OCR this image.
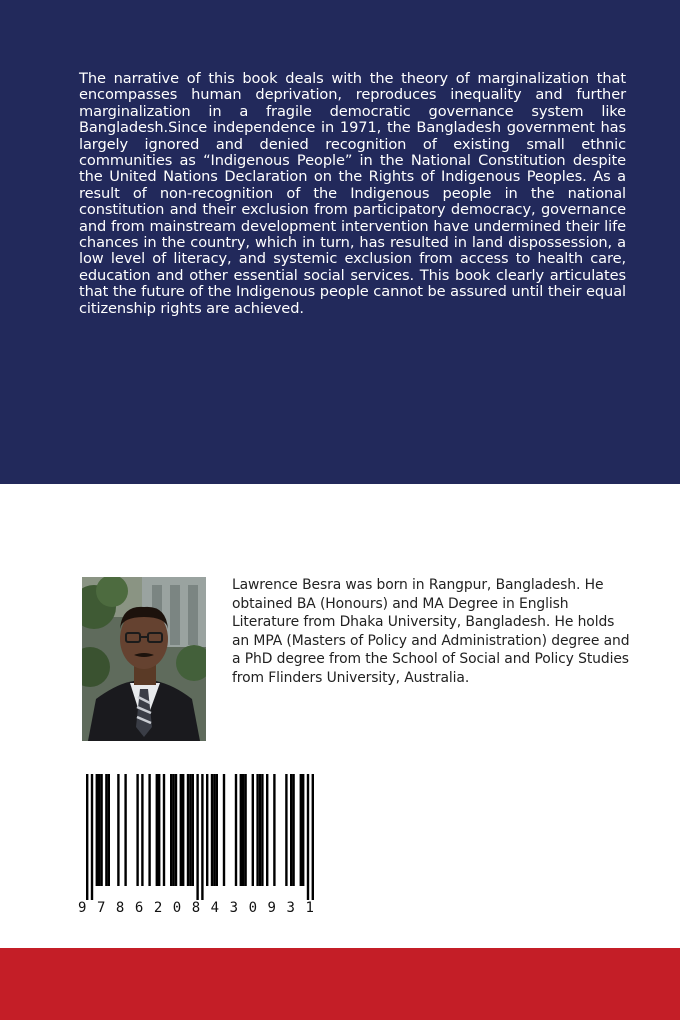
The narrative of this book deals with the theory of marginalization that encompasses human deprivation, reproduces inequality and further marginalization in a fragile democratic governance system like Bangladesh.Since independence in 1971, the Bangladesh government has largely ignored and denied recognition of existing small ethnic communities as “Indigenous People” in the National Constitution despite the United Nations Declaration on the Rights of Indigenous Peoples. As a result of non-recognition of the Indigenous people in the national constitution and their exclusion from participatory democracy, governance and from mainstream development intervention have undermined their life chances in the country, which in turn, has resulted in land dispossession, a low level of literacy, and systemic exclusion from access to health care, education and other essential social services. This book clearly articulates that the future of the Indigenous people cannot be assured until their equal citizenship rights are achieved.

Lawrence Besra was born in Rangpur, Bangladesh. He obtained BA (Honours) and MA Degree in English Literature from Dhaka University, Bangladesh. He holds an MPA (Masters of Policy and Administration) degree and a PhD degree from the School of Social and Policy Studies from Flinders University, Australia.

9 7 8 6 2 0 8 4 3 0 9 3 1
